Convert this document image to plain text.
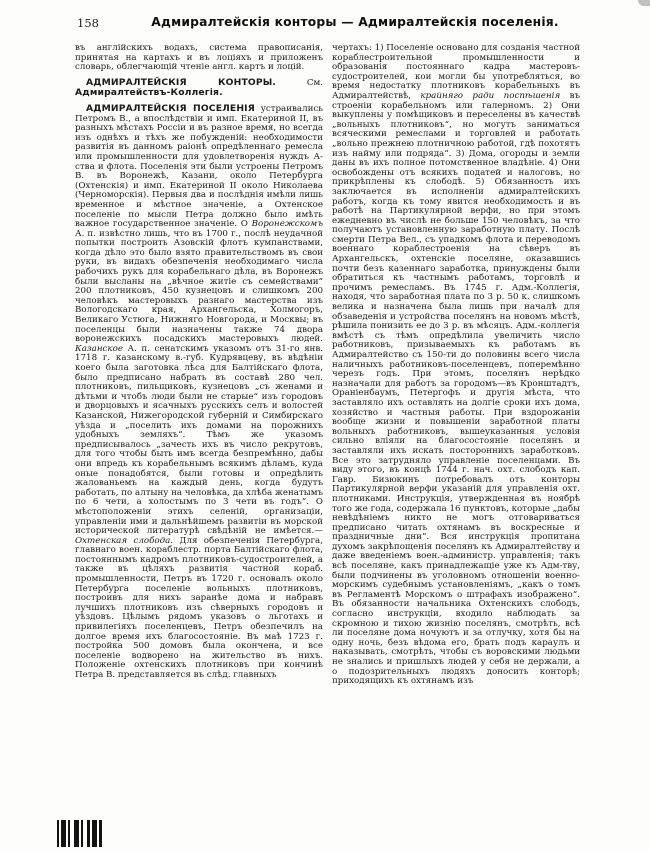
158	Адмиралтейскія конторы — Адмиралтейскія поселенія.
въ англійскихъ водахъ, система правописанія, принятая на картахъ и въ лоціяхъ и приложенъ словарь, облегчающій чтеніе англ. картъ и лоцій.
АДМИРАЛТЕЙСКІЯ КОНТОРЫ. См. Адмиралтействъ-Коллегія.
АДМИРАЛТЕЙСКІЯ ПОСЕЛЕНІЯ устраивались Петромъ В., а впослѣдствіи и имп. Екатериной II, въ разныхъ мѣстахъ Россіи и въ разное время, но всегда изъ однѣхъ и тѣхъ же побужденій: необходимости развитія въ данномъ раіонѣ опредѣленнаго ремесла или промышленности для удовлетворенія нуждъ А-ства и флота. Поселенія эти были устроены Петромъ В. въ Воронежѣ, Казани, около Петербурга (Охтенскія) и имп. Екатериной II около Николаева (Черноморскія). Первыя два и послѣднія имѣли лишь временное и мѣстное значеніе, а Охтенское поселеніе по мысли Петра должно было имѣть важное государственное значеніе. О Воронежскомъ А. п. извѣстно лишь, что въ 1700 г., послѣ неудачной попытки построить Азовскій флотъ кумпанствами, когда дѣло это было взято правительствомъ въ свои руки, въ видахъ обезпеченія необходимаго числа рабочихъ рукъ для корабельнаго дѣла, въ Воронежъ были высланы на „вѣчное житіе съ семействами“ 200 плотниковъ, 450 кузнецовъ и слишкомъ 200 человѣкъ мастеровыхъ разнаго мастерства изъ Вологодскаго края, Архангельска, Холмогоръ, Великаго Устюга, Нижняго Новгорода, и Москвы; въ поселенцы были назначены также 74 двора воронежскихъ посадскихъ мастеровыхъ людей. Казанское А. п. сенатскимъ указомъ отъ 31-го янв. 1718 г. казанскому в.-губ. Кудрявцеву, въ вѣдѣніи коего была заготовка лѣса для Балтійскаго флота, было предписано набрать въ составѣ 280 чел. плотниковъ, пильщиковъ, кузнецовъ „съ женами и дѣтьми и чтобъ люди были не старые“ изъ городовъ и дворцовыхъ и ясачныхъ русскихъ селъ и волостей Казанской, Нижегородской губерній и Симбирскаго уѣзда и „поселить ихъ домами на порожнихъ удобныхъ земляхъ“. Тѣмъ же указомъ предписывалось „зачесть ихъ въ число рекрутовъ, для того чтобы быть имъ всегда безпремѣнно, дабы они впредь къ корабельнымъ всякимъ дѣламъ, куда оные понадобятся, были готовы и опредѣлить жалованьемъ на каждый день, когда будутъ работать, по алтыну на человѣка, да хлѣба женатымъ по 6 чети, а холостымъ по 3 чети въ годъ“. О мѣстоположеніи этихъ селеній, организаціи, управленіи ими и дальнѣйшемъ развитіи въ морской исторической литературѣ свѣдѣній не имѣется.—Охтенская слобода. Для обезпеченія Петербурга, главнаго воен. кораблестр. порта Балтійскаго флота, постояннымъ кадромъ плотниковъ-судостроителей, а также въ цѣляхъ развитія частной кораб. промышленности, Петръ въ 1720 г. основалъ около Петербурга поселеніе вольныхъ плотниковъ, построивъ для нихъ заранѣе дома и набравъ лучшихъ плотниковъ изъ сѣверныхъ городовъ и уѣздовъ. Цѣлымъ рядомъ указовъ о льготахъ и привилегіяхъ поселенцевъ, Петръ обезпечилъ на долгое время ихъ благосостояніе. Въ маѣ 1723 г. постройка 500 домовъ была окончена, и все поселеніе водворено на жительство въ нихъ. Положеніе охтенскихъ плотниковъ при кончинѣ Петра В. представляется въ слѣд. главныхъ
чертахъ: 1) Поселеніе основано для созданія частной кораблестроительной промышленности и образованія постояннаго кадра мастеровъ-судостроителей, кои могли бы употребляться, во время недостатку плотниковъ корабельныхъ въ Адмиралтействѣ, крайняго ради поспѣшенія въ строеніи корабельномъ или галерномъ. 2) Они выкуплены у помѣщиковъ и переселены въ качествѣ „вольныхъ плотниковъ“, но могутъ заниматься всяческими ремеслами и торговлей и работать „вольно прежнею плотничною работой, гдѣ похотятъ изъ найму или подряда“. 3) Дома, огороды и земли даны въ ихъ полное потомственное владѣніе. 4) Они освобождены отъ всякихъ податей и налоговъ, но прикрѣплены къ слободѣ. 5) Обязанность ихъ заключается въ исполненіи адмиралтейскихъ работъ, когда къ тому явится необходимость и въ работѣ на Партикулярной верфи, но при этомъ ежедневно въ числѣ не больше 150 человѣкъ, за что получаютъ установленную заработную плату. Послѣ смерти Петра Вел., съ упадкомъ флота и переводомъ военнаго кораблестроенія на сѣверъ въ Архангельскъ, охтенскіе поселяне, оказавшись почти безъ казеннаго заработка, принуждены были обратиться къ частнымъ работамъ, торговлѣ и прочимъ ремесламъ. Въ 1745 г. Адм.-Коллегія, находя, что заработная плата по 3 р. 50 к. слишкомъ велика и назначена была лишь при началѣ для обзаведенія и устройства поселянъ на новомъ мѣстѣ, рѣшила понизить ее до 3 р. въ мѣсяцъ. Адм.-коллегія вмѣстѣ съ тѣмъ опредѣлила увеличить число работниковъ, призываемыхъ къ работамъ въ Адмиралтейство съ 150-ти до половины всего числа наличныхъ работниковъ-поселенцевъ, поперемѣнно черезъ годъ. При этомъ, поселянъ нерѣдко назначали для работъ за городомъ—въ Кронштадтъ, Ораніенбаумъ, Петергофъ и другія мѣста, что заставляло ихъ оставлять на долгіе сроки ихъ дома, хозяйство и частныя работы. При вздорожаніи вообще жизни и повышеніи заработной платы вольныхъ работниковъ, вышеуказанныя условія сильно вліяли на благосостояніе поселянъ и заставляли ихъ искать постороннихъ заработковъ. Все это затрудняло управленіе поселенцами. Въ виду этого, въ концѣ 1744 г. нач. охт. слободъ кап. Гавр. Бизюкинъ потребовалъ отъ конторы Партикулярной верфи указаній для управленія охт. плотниками. Инструкція, утвержденная въ ноябрѣ того же года, содержала 16 пунктовъ, которые „дабы невѣдѣніемъ никто не могъ отговариваться предписано читать охтянамъ въ воскресные и праздничные дни“. Вся инструкція пропитана духомъ закрѣпощенія поселянъ къ Адмиралтейству и даже введеніемъ воен.-администр. управленія; такъ всѣ поселяне, какъ принадлежащіе уже къ Адм-тву, были подчинены въ уголовномъ отношеніи военно-морскимъ судебнымъ установленіямъ, „какъ о томъ въ Регламентѣ Морскомъ о штрафахъ изображено“. Въ обязанности начальника Охтенскихъ слободъ, согласно инструкціи, входило наблюдать за скромною и тихою жизнію поселянъ, смотрѣть, всѣ ли поселяне дома ночуютъ и за отлучку, хотя бы на одну ночь, безъ вѣдома его, брать подъ караулъ и наказывать, смотрѣть, чтобы съ воровскими людьми не знались и пришлыхъ людей у себя не держали, а о подозрительныхъ людяхъ доносить конторѣ; приходящихъ къ охтянамъ изъ
